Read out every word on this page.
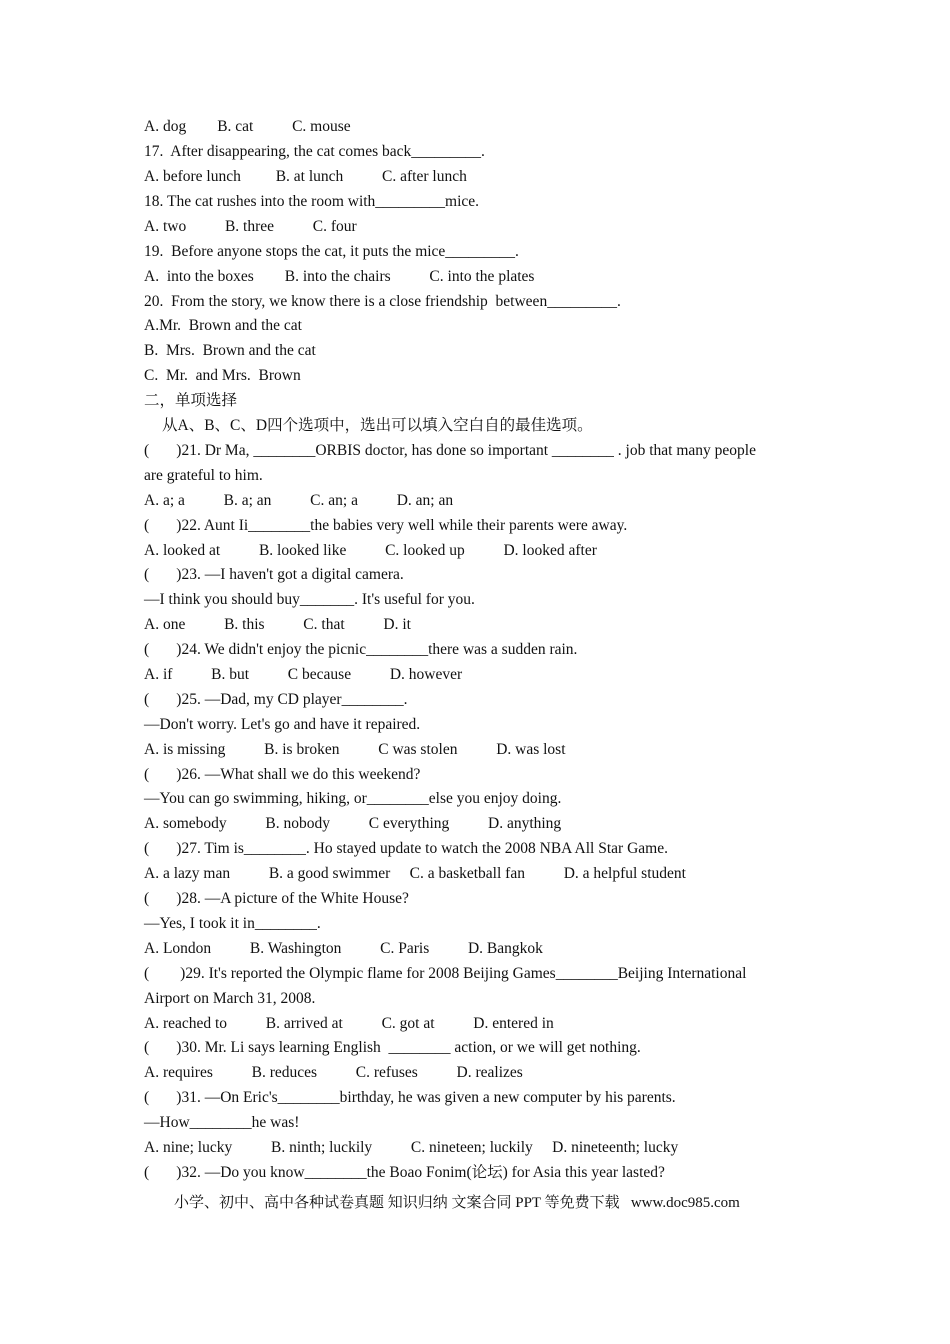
A. dog        B. cat          C. mouse
17.  After disappearing, the cat comes back_________.
A. before lunch         B. at lunch          C. after lunch
18. The cat rushes into the room with_________mice.
A. two          B. three          C. four
19.  Before anyone stops the cat, it puts the mice_________.
A.  into the boxes        B. into the chairs          C. into the plates
20.  From the story, we know there is a close friendship  between_________.
A.Mr.  Brown and the cat
B.  Mrs.  Brown and the cat
C.  Mr.  and Mrs.  Brown
二，单项选择
从A、B、C、D四个选项中，选出可以填入空白自的最佳选项。
(       )21. Dr Ma, ________ORBIS doctor, has done so important ________ . job that many people
are grateful to him.
A. a; a          B. a; an          C. an; a          D. an; an
(       )22. Aunt Ii________the babies very well while their parents were away.
A. looked at          B. looked like          C. looked up          D. looked after
(       )23. —I haven't got a digital camera.
—I think you should buy_______. It's useful for you.
A. one          B. this          C. that          D. it
(       )24. We didn't enjoy the picnic________there was a sudden rain.
A. if          B. but          C because          D. however
(       )25. —Dad, my CD player________.
—Don't worry. Let's go and have it repaired.
A. is missing          B. is broken          C was stolen          D. was lost
(       )26. —What shall we do this weekend?
—You can go swimming, hiking, or________else you enjoy doing.
A. somebody          B. nobody          C everything          D. anything
(       )27. Tim is________. Ho stayed update to watch the 2008 NBA All Star Game.
A. a lazy man          B. a good swimmer     C. a basketball fan          D. a helpful student
(       )28. —A picture of the White House?
—Yes, I took it in________.
A. London          B. Washington          C. Paris          D. Bangkok
(        )29. It's reported the Olympic flame for 2008 Beijing Games________Beijing International
Airport on March 31, 2008.
A. reached to          B. arrived at          C. got at          D. entered in
(       )30. Mr. Li says learning English  ________ action, or we will get nothing.
A. requires          B. reduces          C. refuses          D. realizes
(       )31. —On Eric's________birthday, he was given a new computer by his parents.
—How________he was!
A. nine; lucky          B. ninth; luckily          C. nineteen; luckily     D. nineteenth; lucky
(       )32. —Do you know________the Boao Fonim(论坛) for Asia this year lasted?
小学、初中、高中各种试卷真题 知识归纳 文案合同 PPT 等免费下载   www.doc985.com
